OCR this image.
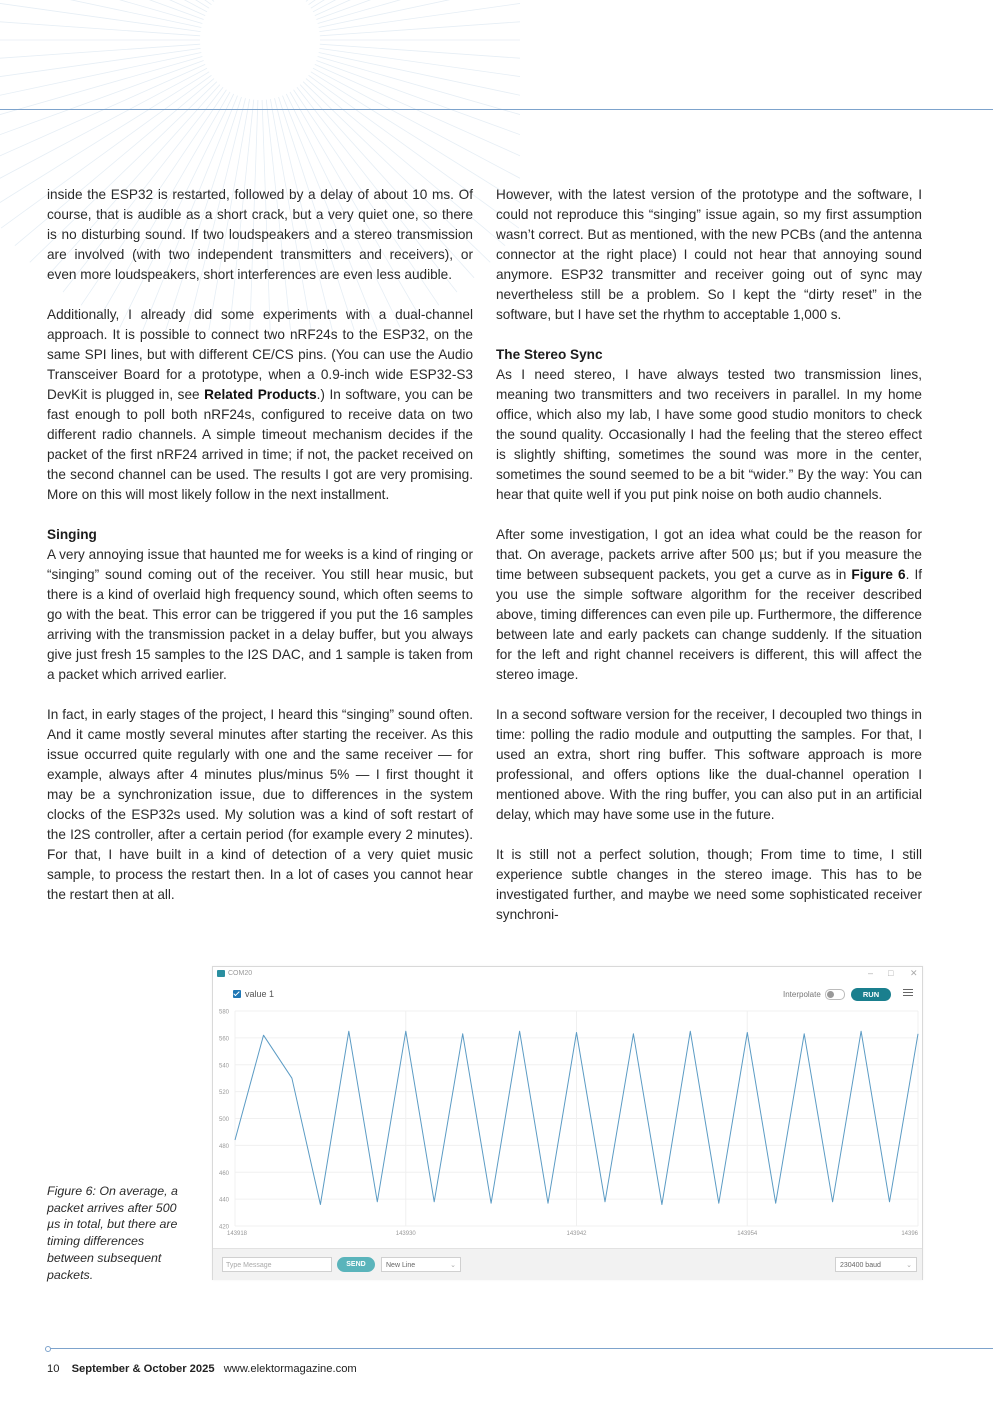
inside the ESP32 is restarted, followed by a delay of about 10 ms. Of course, that is audible as a short crack, but a very quiet one, so there is no disturbing sound. If two loudspeakers and a stereo transmission are involved (with two independent transmitters and receivers), or even more loudspeakers, short interferences are even less audible.

Additionally, I already did some experiments with a dual-channel approach. It is possible to connect two nRF24s to the ESP32, on the same SPI lines, but with different CE/CS pins. (You can use the Audio Transceiver Board for a prototype, when a 0.9-inch wide ESP32-S3 DevKit is plugged in, see Related Products.) In software, you can be fast enough to poll both nRF24s, configured to receive data on two different radio channels. A simple timeout mechanism decides if the packet of the first nRF24 arrived in time; if not, the packet received on the second channel can be used. The results I got are very promising. More on this will most likely follow in the next installment.

Singing

A very annoying issue that haunted me for weeks is a kind of ringing or “singing” sound coming out of the receiver. You still hear music, but there is a kind of overlaid high frequency sound, which often seems to go with the beat. This error can be triggered if you put the 16 samples arriving with the transmission packet in a delay buffer, but you always give just fresh 15 samples to the I2S DAC, and 1 sample is taken from a packet which arrived earlier.

In fact, in early stages of the project, I heard this “singing” sound often. And it came mostly several minutes after starting the receiver. As this issue occurred quite regularly with one and the same receiver — for example, always after 4 minutes plus/minus 5% — I first thought it may be a synchronization issue, due to differences in the system clocks of the ESP32s used. My solution was a kind of soft restart of the I2S controller, after a certain period (for example every 2 minutes). For that, I have built in a kind of detection of a very quiet music sample, to process the restart then. In a lot of cases you cannot hear the restart then at all.

However, with the latest version of the prototype and the software, I could not reproduce this “singing” issue again, so my first assumption wasn’t correct. But as mentioned, with the new PCBs (and the antenna connector at the right place) I could not hear that annoying sound anymore. ESP32 transmitter and receiver going out of sync may nevertheless still be a problem. So I kept the “dirty reset” in the software, but I have set the rhythm to acceptable 1,000 s.

The Stereo Sync

As I need stereo, I have always tested two transmission lines, meaning two transmitters and two receivers in parallel. In my home office, which also my lab, I have some good studio monitors to check the sound quality. Occasionally I had the feeling that the stereo effect is slightly shifting, sometimes the sound was more in the center, sometimes the sound seemed to be a bit “wider.” By the way: You can hear that quite well if you put pink noise on both audio channels.

After some investigation, I got an idea what could be the reason for that. On average, packets arrive after 500 µs; but if you measure the time between subsequent packets, you get a curve as in Figure 6. If you use the simple software algorithm for the receiver described above, timing differences can even pile up. Furthermore, the difference between late and early packets can change suddenly. If the situation for the left and right channel receivers is different, this will affect the stereo image.

In a second software version for the receiver, I decoupled two things in time: polling the radio module and outputting the samples. For that, I used an extra, short ring buffer. This software approach is more professional, and offers options like the dual-channel operation I mentioned above. With the ring buffer, you can also put in an artificial delay, which may have some use in the future.

It is still not a perfect solution, though; From time to time, I still experience subtle changes in the stereo image. This has to be investigated further, and maybe we need some sophisticated receiver synchroni-

COM20	– □ ✕
value 1	Interpolate	RUN
420
440
460
480
500
520
540
560
580
143918	143930	143942	143954	14396
Type Message	SEND	New Line	⌄	230400 baud	⌄
Figure 6: On average, a packet arrives after 500 µs in total, but there are timing differences between subsequent packets.
10 September & October 2025 www.elektormagazine.com
